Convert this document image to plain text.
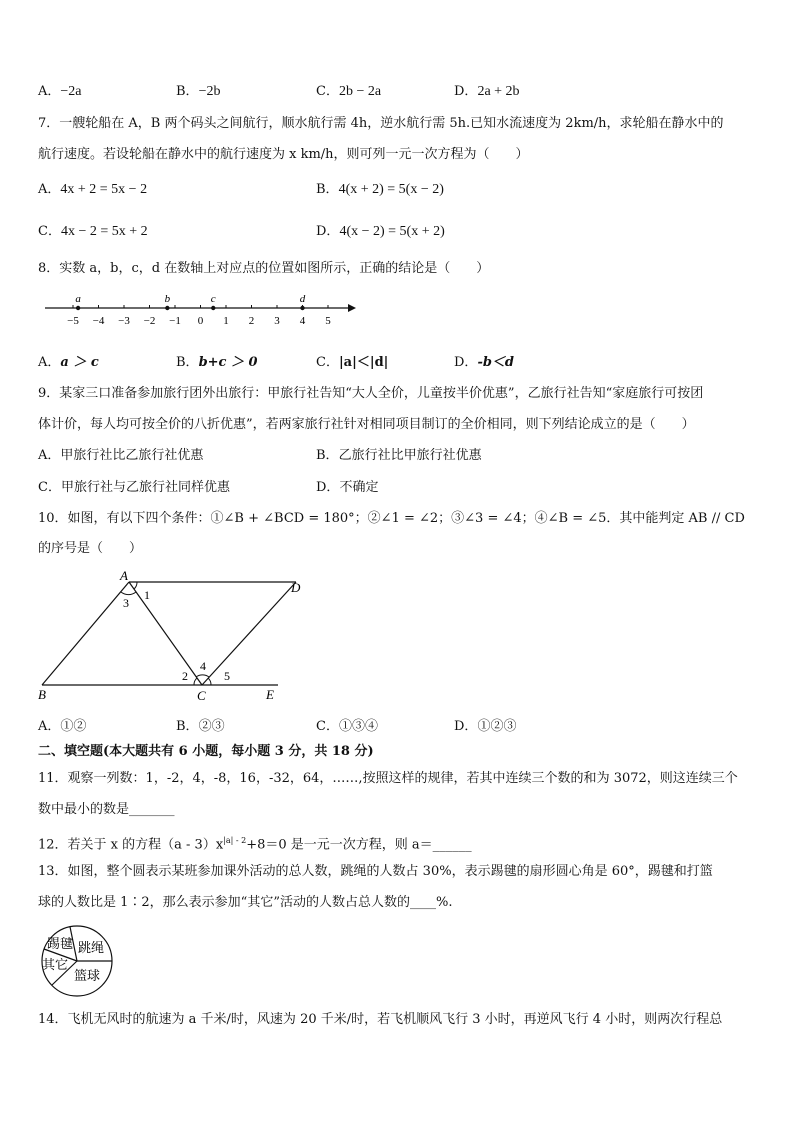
A．−2a	B．−2b	C．2b − 2a	D．2a + 2b
7．一艘轮船在 A，B 两个码头之间航行，顺水航行需 4h，逆水航行需 5h.已知水流速度为 2km/h，求轮船在静水中的
航行速度。若设轮船在静水中的航行速度为 x km/h，则可列一元一次方程为（　　）
A．4x + 2 = 5x − 2	B．4(x + 2) = 5(x − 2)
C．4x − 2 = 5x + 2	D．4(x − 2) = 5(x + 2)
8．实数 a，b，c，d 在数轴上对应点的位置如图所示，正确的结论是（　　）
−5 −4 −3 −2 −1 0 1 2 3 4 5
a	b	c	d
A．a ＞ c	B．b+c ＞ 0	C．|a|＜|d|	D．-b＜d
9．某家三口准备参加旅行团外出旅行：甲旅行社告知“大人全价，儿童按半价优惠”，乙旅行社告知“家庭旅行可按团
体计价，每人均可按全价的八折优惠”，若两家旅行社针对相同项目制订的全价相同，则下列结论成立的是（　　）
A．甲旅行社比乙旅行社优惠	B．乙旅行社比甲旅行社优惠
C．甲旅行社与乙旅行社同样优惠	D．不确定
10．如图，有以下四个条件：①∠B + ∠BCD = 180°；②∠1 = ∠2；③∠3 = ∠4；④∠B = ∠5．其中能判定 AB // CD
的序号是（　　）
A
1
3
D
B
2
4
5
C	E
A．①②	B．②③	C．①③④	D．①②③
二、填空题(本大题共有 6 小题，每小题 3 分，共 18 分)
11．观察一列数：1，-2，4，-8，16，-32，64，……,按照这样的规律，若其中连续三个数的和为 3072，则这连续三个
数中最小的数是_______
12．若关于 x 的方程$(a - 3)x^{|a| - 2}+8=0$ 是一元一次方程，则 a＝______
13．如图，整个圆表示某班参加课外活动的总人数，跳绳的人数占 30%，表示踢毽的扇形圆心角是 60°，踢毽和打篮
球的人数比是 1∶2，那么表示参加“其它”活动的人数占总人数的____%.
踢毽 跳绳
其它
篮球
14．飞机无风时的航速为 a 千米/时，风速为 20 千米/时，若飞机顺风飞行 3 小时，再逆风飞行 4 小时，则两次行程总
